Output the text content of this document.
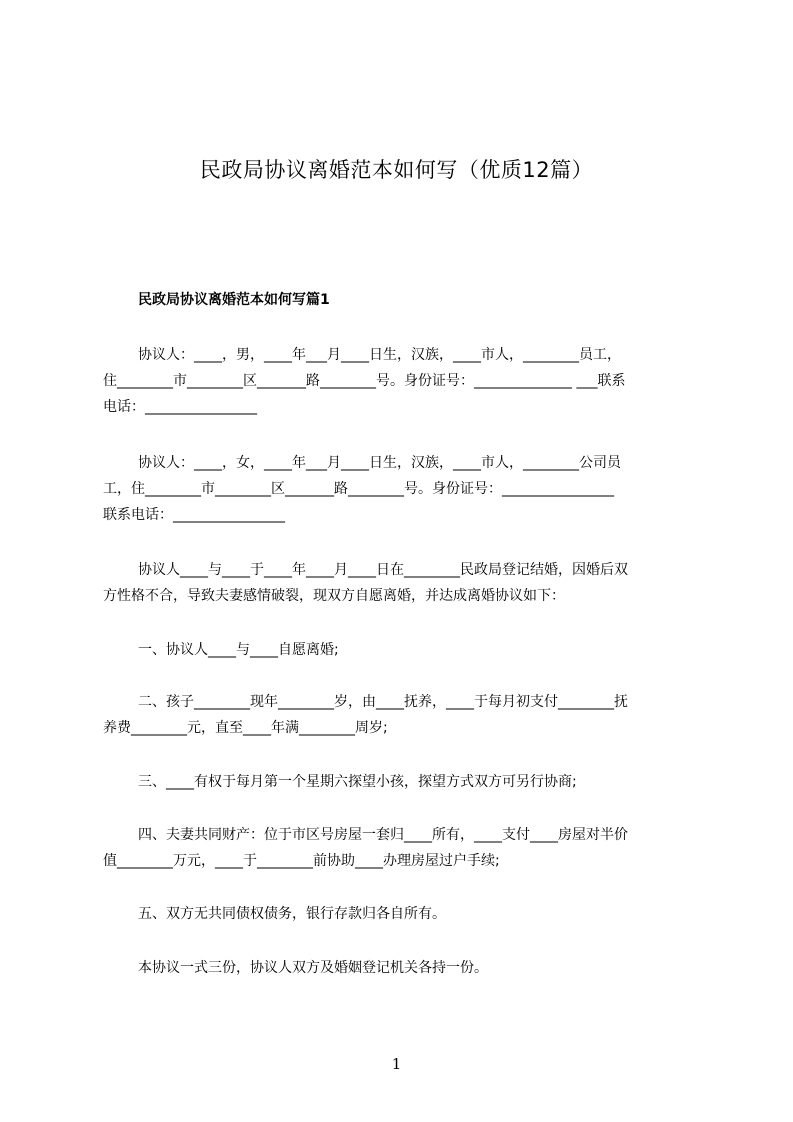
民政局协议离婚范本如何写（优质12篇）
民政局协议离婚范本如何写篇1

协议人：____，男，____年___月____日生，汉族，____市人，________员工，
住________市________区_______路________号。身份证号：______________ ___联系
电话：________________

协议人：____，女，____年___月____日生，汉族，____市人，________公司员
工，住________市________区_______路________号。身份证号：________________
联系电话：________________

协议人____与____于____年____月____日在________民政局登记结婚，因婚后双
方性格不合，导致夫妻感情破裂，现双方自愿离婚，并达成离婚协议如下：

一、协议人____与____自愿离婚;

二、孩子________现年________岁，由____抚养，____于每月初支付________抚
养费________元，直至____年满________周岁;

三、____有权于每月第一个星期六探望小孩，探望方式双方可另行协商;

四、夫妻共同财产：位于市区号房屋一套归____所有，____支付____房屋对半价
值________万元，____于________前协助____办理房屋过户手续;

五、双方无共同债权债务，银行存款归各自所有。

本协议一式三份，协议人双方及婚姻登记机关各持一份。

1
